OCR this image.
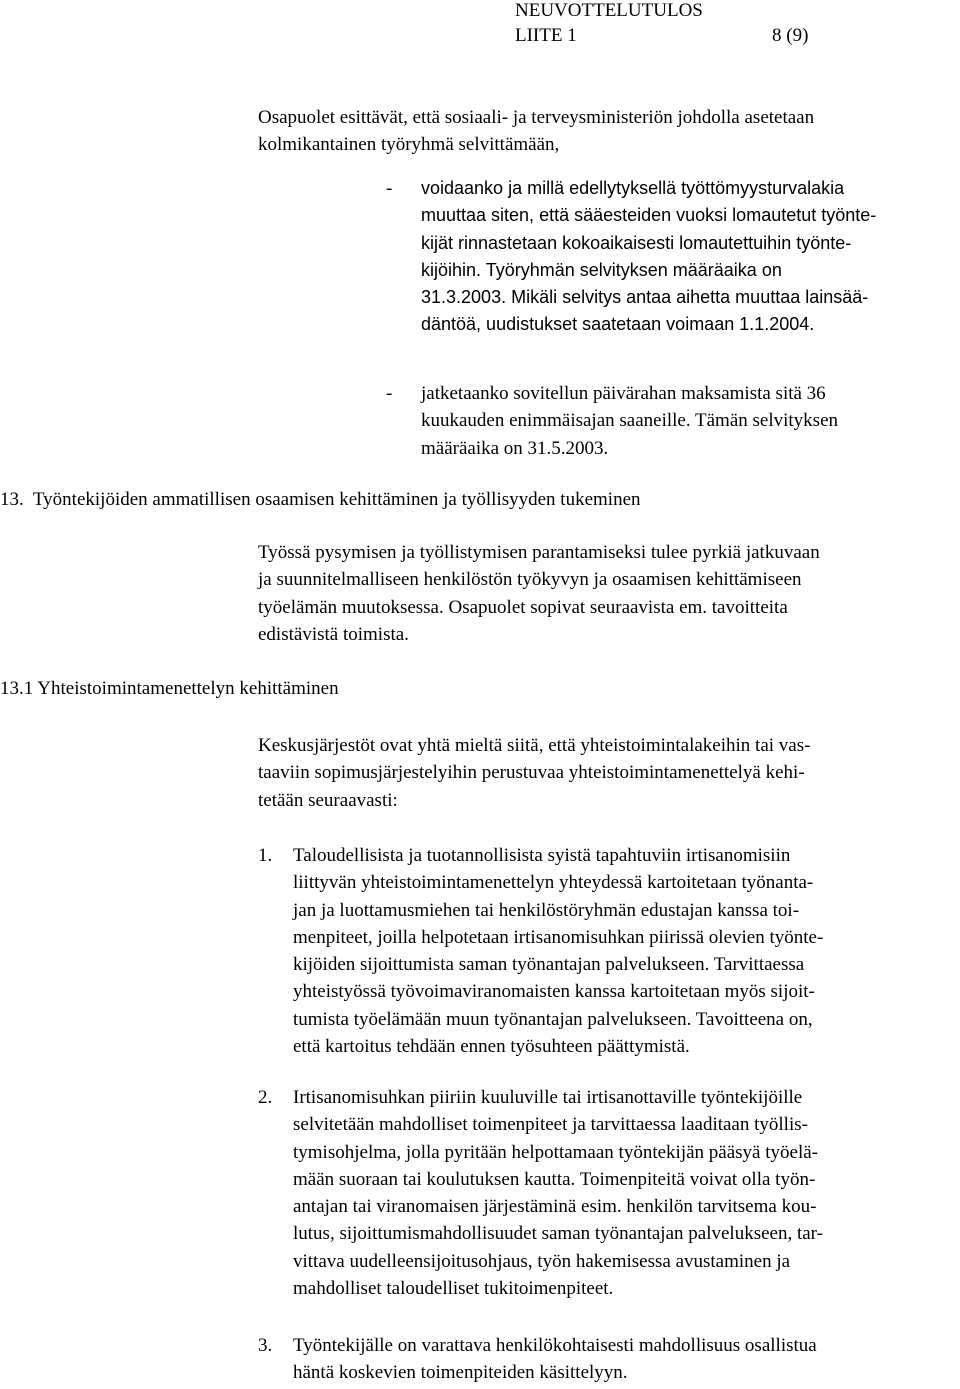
NEUVOTTELUTULOS
LIITE 1	8 (9)
Osapuolet esittävät, että sosiaali- ja terveysministeriön johdolla asetetaan
kolmikantainen työryhmä selvittämään,
- voidaanko ja millä edellytyksellä työttömyysturvalakia
muuttaa siten, että sääesteiden vuoksi lomautetut työnte-
kijät rinnastetaan kokoaikaisesti lomautettuihin työnte-
kijöihin. Työryhmän selvityksen määräaika on
31.3.2003. Mikäli selvitys antaa aihetta muuttaa lainsää-
däntöä, uudistukset saatetaan voimaan 1.1.2004.
- jatketaanko sovitellun päivärahan maksamista sitä 36
kuukauden enimmäisajan saaneille. Tämän selvityksen
määräaika on 31.5.2003.
13.  Työntekijöiden ammatillisen osaamisen kehittäminen ja työllisyyden tukeminen
Työssä pysymisen ja työllistymisen parantamiseksi tulee pyrkiä jatkuvaan
ja suunnitelmalliseen henkilöstön työkyvyn ja osaamisen kehittämiseen
työelämän muutoksessa. Osapuolet sopivat seuraavista em. tavoitteita
edistävistä toimista.
13.1 Yhteistoimintamenettelyn kehittäminen
Keskusjärjestöt ovat yhtä mieltä siitä, että yhteistoimintalakeihin tai vas-
taaviin sopimusjärjestelyihin perustuvaa yhteistoimintamenettelyä kehi-
tetään seuraavasti:
1. Taloudellisista ja tuotannollisista syistä tapahtuviin irtisanomisiin
liittyvän yhteistoimintamenettelyn yhteydessä kartoitetaan työnanta-
jan ja luottamusmiehen tai henkilöstöryhmän edustajan kanssa toi-
menpiteet, joilla helpotetaan irtisanomisuhkan piirissä olevien työnte-
kijöiden sijoittumista saman työnantajan palvelukseen. Tarvittaessa
yhteistyössä työvoimaviranomaisten kanssa kartoitetaan myös sijoit-
tumista työelämään muun työnantajan palvelukseen. Tavoitteena on,
että kartoitus tehdään ennen työsuhteen päättymistä.
2. Irtisanomisuhkan piiriin kuuluville tai irtisanottaville työntekijöille
selvitetään mahdolliset toimenpiteet ja tarvittaessa laaditaan työllis-
tymisohjelma, jolla pyritään helpottamaan työntekijän pääsyä työelä-
mään suoraan tai koulutuksen kautta. Toimenpiteitä voivat olla työn-
antajan tai viranomaisen järjestäminä esim. henkilön tarvitsema kou-
lutus, sijoittumismahdollisuudet saman työnantajan palvelukseen, tar-
vittava uudelleensijoitusohjaus, työn hakemisessa avustaminen ja
mahdolliset taloudelliset tukitoimenpiteet.
3. Työntekijälle on varattava henkilökohtaisesti mahdollisuus osallistua
häntä koskevien toimenpiteiden käsittelyyn.
